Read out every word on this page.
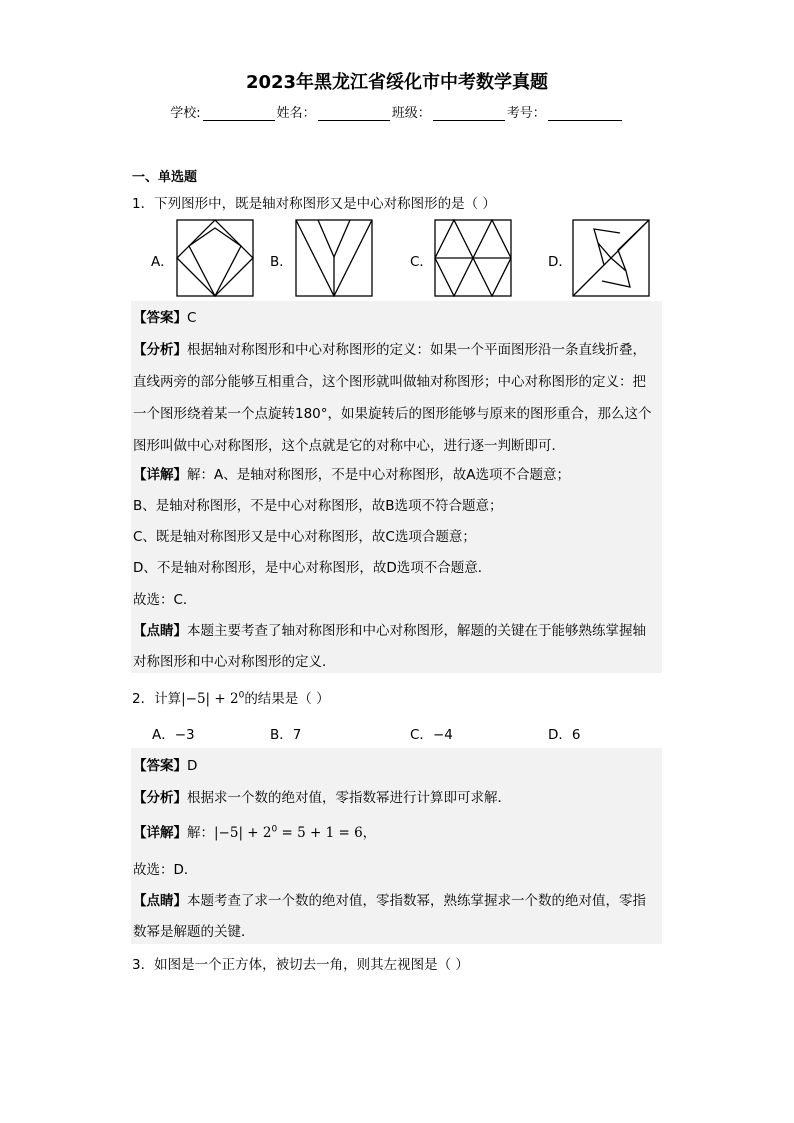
2023年黑龙江省绥化市中考数学真题
学校:	姓名：	班级：	考号：
一、单选题
1．下列图形中，既是轴对称图形又是中心对称图形的是（ ）
A．	B．	C．	D．
【答案】C
【分析】根据轴对称图形和中心对称图形的定义：如果一个平面图形沿一条直线折叠，
直线两旁的部分能够互相重合，这个图形就叫做轴对称图形；中心对称图形的定义：把
一个图形绕着某一个点旋转180°，如果旋转后的图形能够与原来的图形重合，那么这个
图形叫做中心对称图形，这个点就是它的对称中心，进行逐一判断即可．
【详解】解：A、是轴对称图形，不是中心对称图形，故A选项不合题意；
B、是轴对称图形，不是中心对称图形，故B选项不符合题意；
C、既是轴对称图形又是中心对称图形，故C选项合题意；
D、不是轴对称图形，是中心对称图形，故D选项不合题意．
故选：C．
【点睛】本题主要考查了轴对称图形和中心对称图形，解题的关键在于能够熟练掌握轴
对称图形和中心对称图形的定义．
2．计算$|-5| + 2^0$的结果是（ ）
A．−3	B．7	C．−4	D．6
【答案】D
【分析】根据求一个数的绝对值，零指数幂进行计算即可求解．
【详解】解：$|-5| + 2^0 = 5 + 1 = 6$，
故选：D．
【点睛】本题考查了求一个数的绝对值，零指数幂，熟练掌握求一个数的绝对值，零指
数幂是解题的关键．
3．如图是一个正方体，被切去一角，则其左视图是（ ）
